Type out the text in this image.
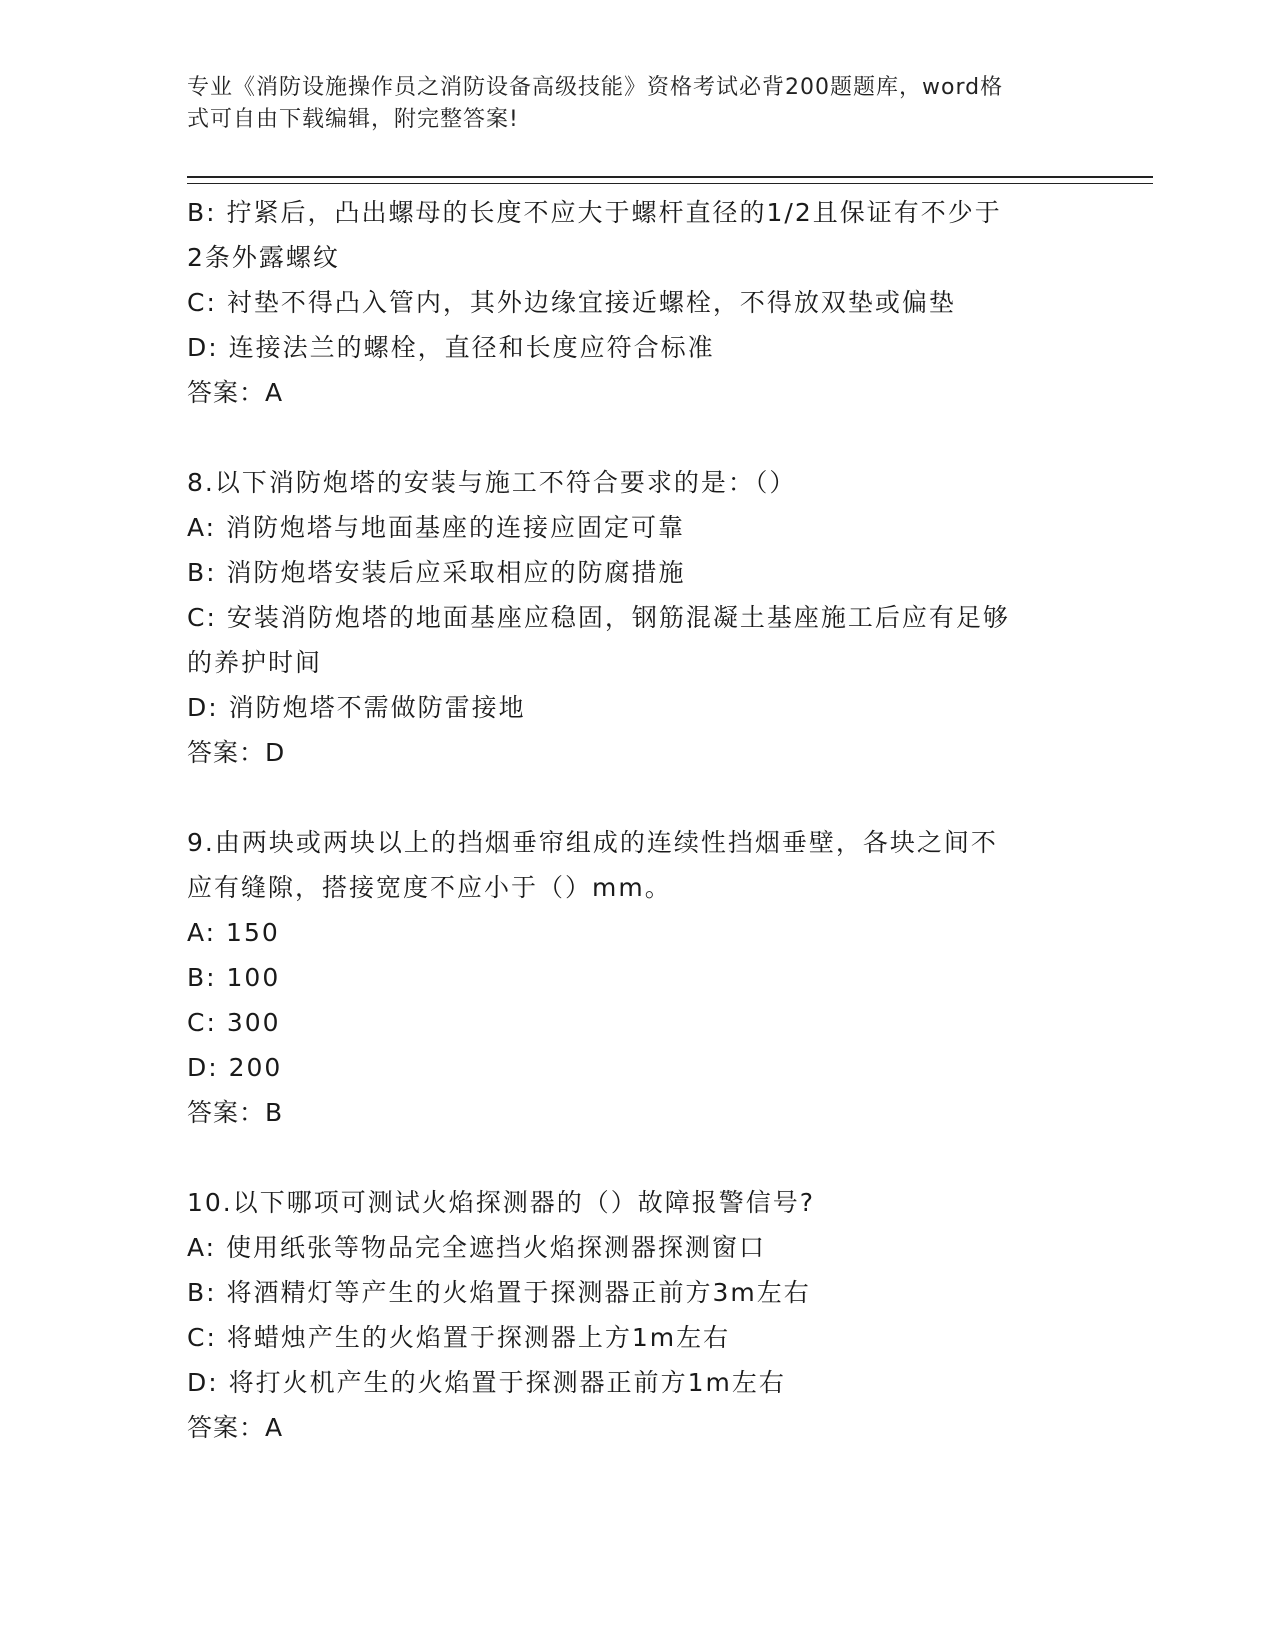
专业《消防设施操作员之消防设备高级技能》资格考试必背200题题库，word格
式可自由下载编辑，附完整答案!
B: 拧紧后，凸出螺母的长度不应大于螺杆直径的1/2且保证有不少于
2条外露螺纹
C: 衬垫不得凸入管内，其外边缘宜接近螺栓，不得放双垫或偏垫
D: 连接法兰的螺栓，直径和长度应符合标准
答案：A
8.以下消防炮塔的安装与施工不符合要求的是：（）
A: 消防炮塔与地面基座的连接应固定可靠
B: 消防炮塔安装后应采取相应的防腐措施
C: 安装消防炮塔的地面基座应稳固，钢筋混凝土基座施工后应有足够
的养护时间
D: 消防炮塔不需做防雷接地
答案：D
9.由两块或两块以上的挡烟垂帘组成的连续性挡烟垂壁，各块之间不
应有缝隙，搭接宽度不应小于（）mm。
A: 150
B: 100
C: 300
D: 200
答案：B
10.以下哪项可测试火焰探测器的（）故障报警信号?
A: 使用纸张等物品完全遮挡火焰探测器探测窗口
B: 将酒精灯等产生的火焰置于探测器正前方3m左右
C: 将蜡烛产生的火焰置于探测器上方1m左右
D: 将打火机产生的火焰置于探测器正前方1m左右
答案：A
